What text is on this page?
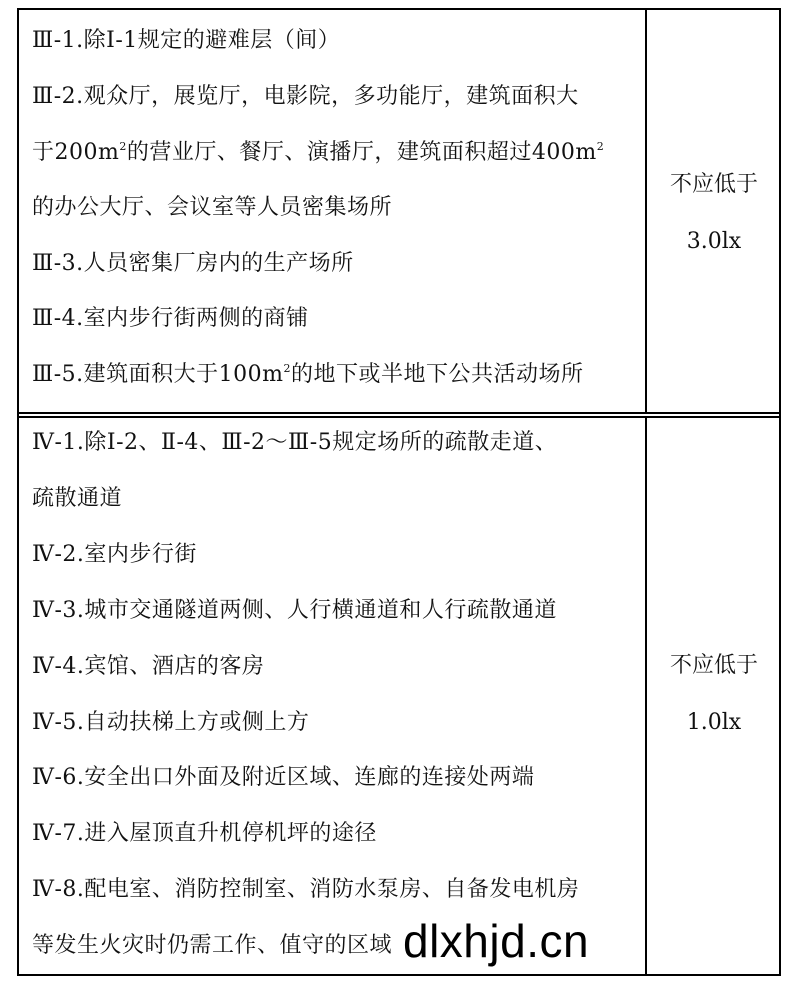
Ⅲ-1.除Ⅰ-1规定的避难层（间）
Ⅲ-2.观众厅，展览厅，电影院，多功能厅，建筑面积大
于$200m^2$的营业厅、餐厅、演播厅，建筑面积超过$400m^2$
的办公大厅、会议室等人员密集场所
Ⅲ-3.人员密集厂房内的生产场所
Ⅲ-4.室内步行街两侧的商铺
Ⅲ-5.建筑面积大于$100m^2$的地下或半地下公共活动场所
不应低于
3.0lx
Ⅳ-1.除Ⅰ-2、Ⅱ-4、Ⅲ-2～Ⅲ-5规定场所的疏散走道、
疏散通道
Ⅳ-2.室内步行街
Ⅳ-3.城市交通隧道两侧、人行横通道和人行疏散通道
Ⅳ-4.宾馆、酒店的客房
Ⅳ-5.自动扶梯上方或侧上方
Ⅳ-6.安全出口外面及附近区域、连廊的连接处两端
Ⅳ-7.进入屋顶直升机停机坪的途径
Ⅳ-8.配电室、消防控制室、消防水泵房、自备发电机房
等发生火灾时仍需工作、值守的区域
不应低于
1.0lx
dlxhjd.cn
